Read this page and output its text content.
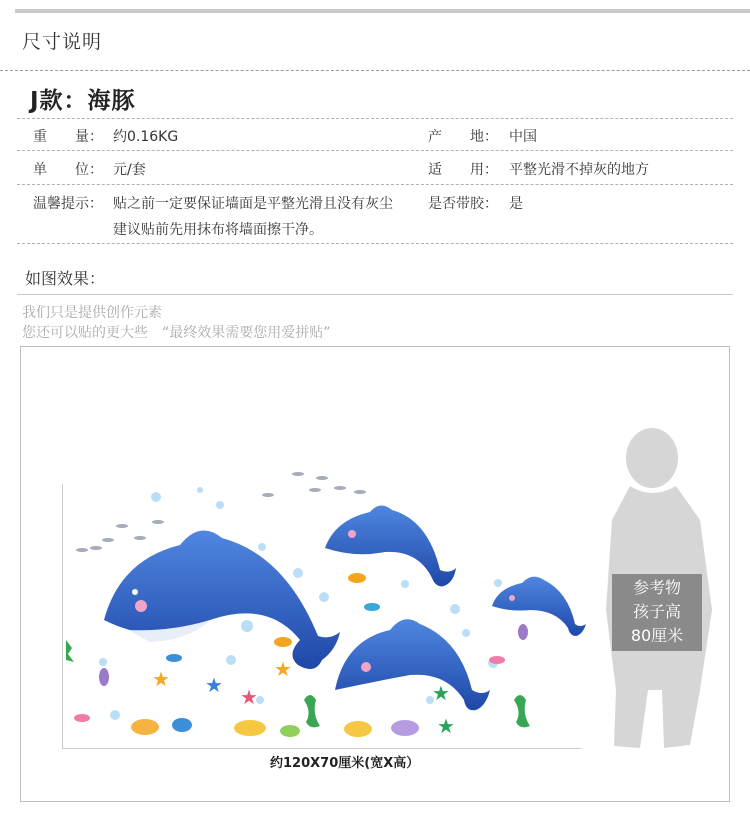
尺寸说明
J款：海豚
重　　量： 约0.16KG	产　　地： 中国
单　　位： 元/套	适　　用： 平整光滑不掉灰的地方
温馨提示： 贴之前一定要保证墙面是平整光滑且没有灰尘
建议贴前先用抹布将墙面擦干净。
是否带胶： 是
如图效果：
我们只是提供创作元素
您还可以贴的更大些　“最终效果需要您用爱拼贴”
★ ★ ★
★
★
★
参考物
孩子高
80厘米
约120X70厘米(宽X高）
